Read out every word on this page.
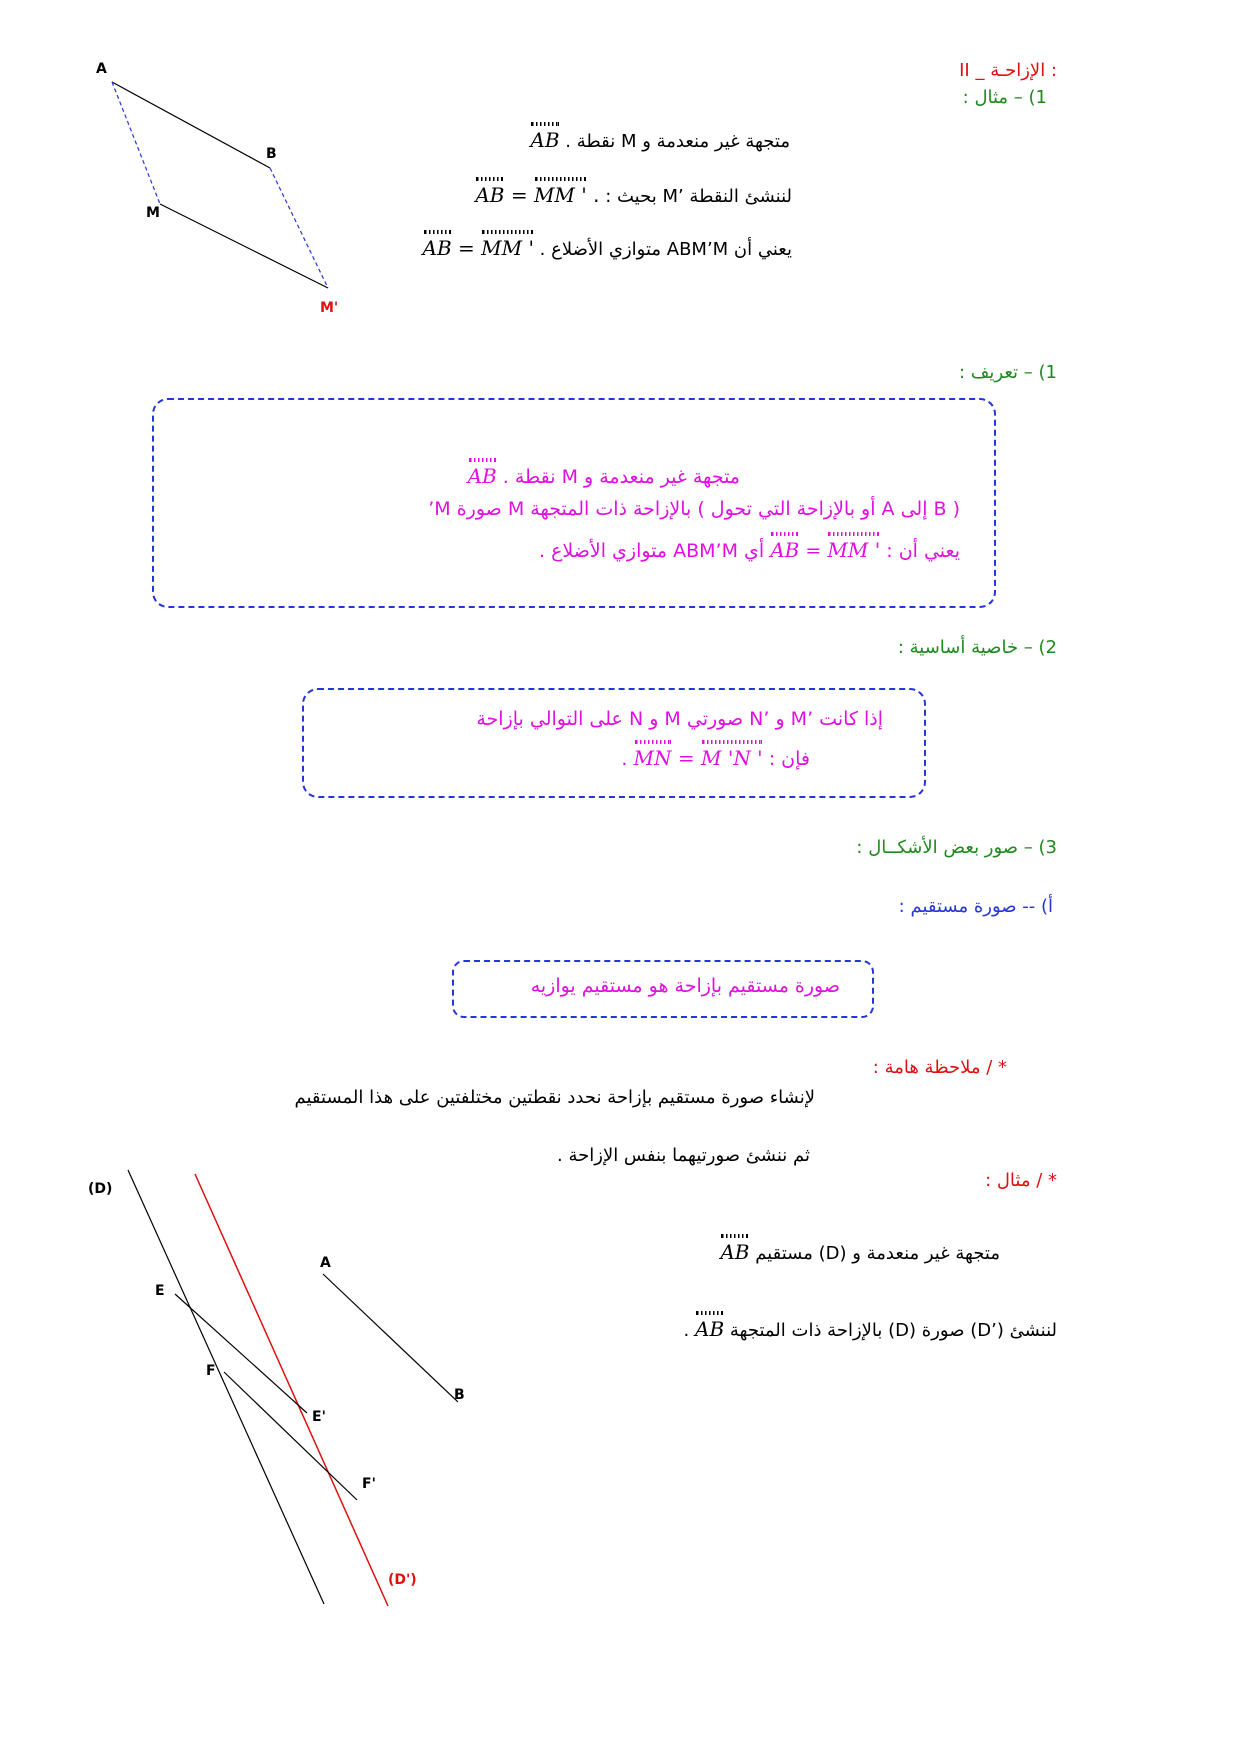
II _ الإزاحـة :
1) – مثال :
متجهة غير منعدمة و M نقطة . AB
لننشئ النقطة ’M بحيث : AB = MM ' .
يعني أن ABM’M متوازي الأضلاع . AB = MM '
A
B
M
M'
1) – تعريف :
متجهة غير منعدمة و M نقطة . AB
’M صورة M بالإزاحة ذات المتجهة ( أو بالإزاحة التي تحول A إلى B )
يعني أن : MM ' = AB أي ABM’M متوازي الأضلاع .
2) – خاصية أساسية :
إذا كانت ’M و ’N صورتي M و N على التوالي بإزاحة
فإن : MN = M 'N ' .
3) – صور بعض الأشكــال :
أ) -- صورة مستقيم :
صورة مستقيم بإزاحة هو مستقيم يوازيه
* / ملاحظة هامة :
لإنشاء صورة مستقيم بإزاحة نحدد نقطتين مختلفتين على هذا المستقيم
ثم ننشئ صورتيهما بنفس الإزاحة .
* / مثال :
متجهة غير منعدمة و (D) مستقيم AB
لننشئ (’D) صورة (D) بالإزاحة ذات المتجهة AB .
(D)
E
F
A
B
E'
F'
(D')
